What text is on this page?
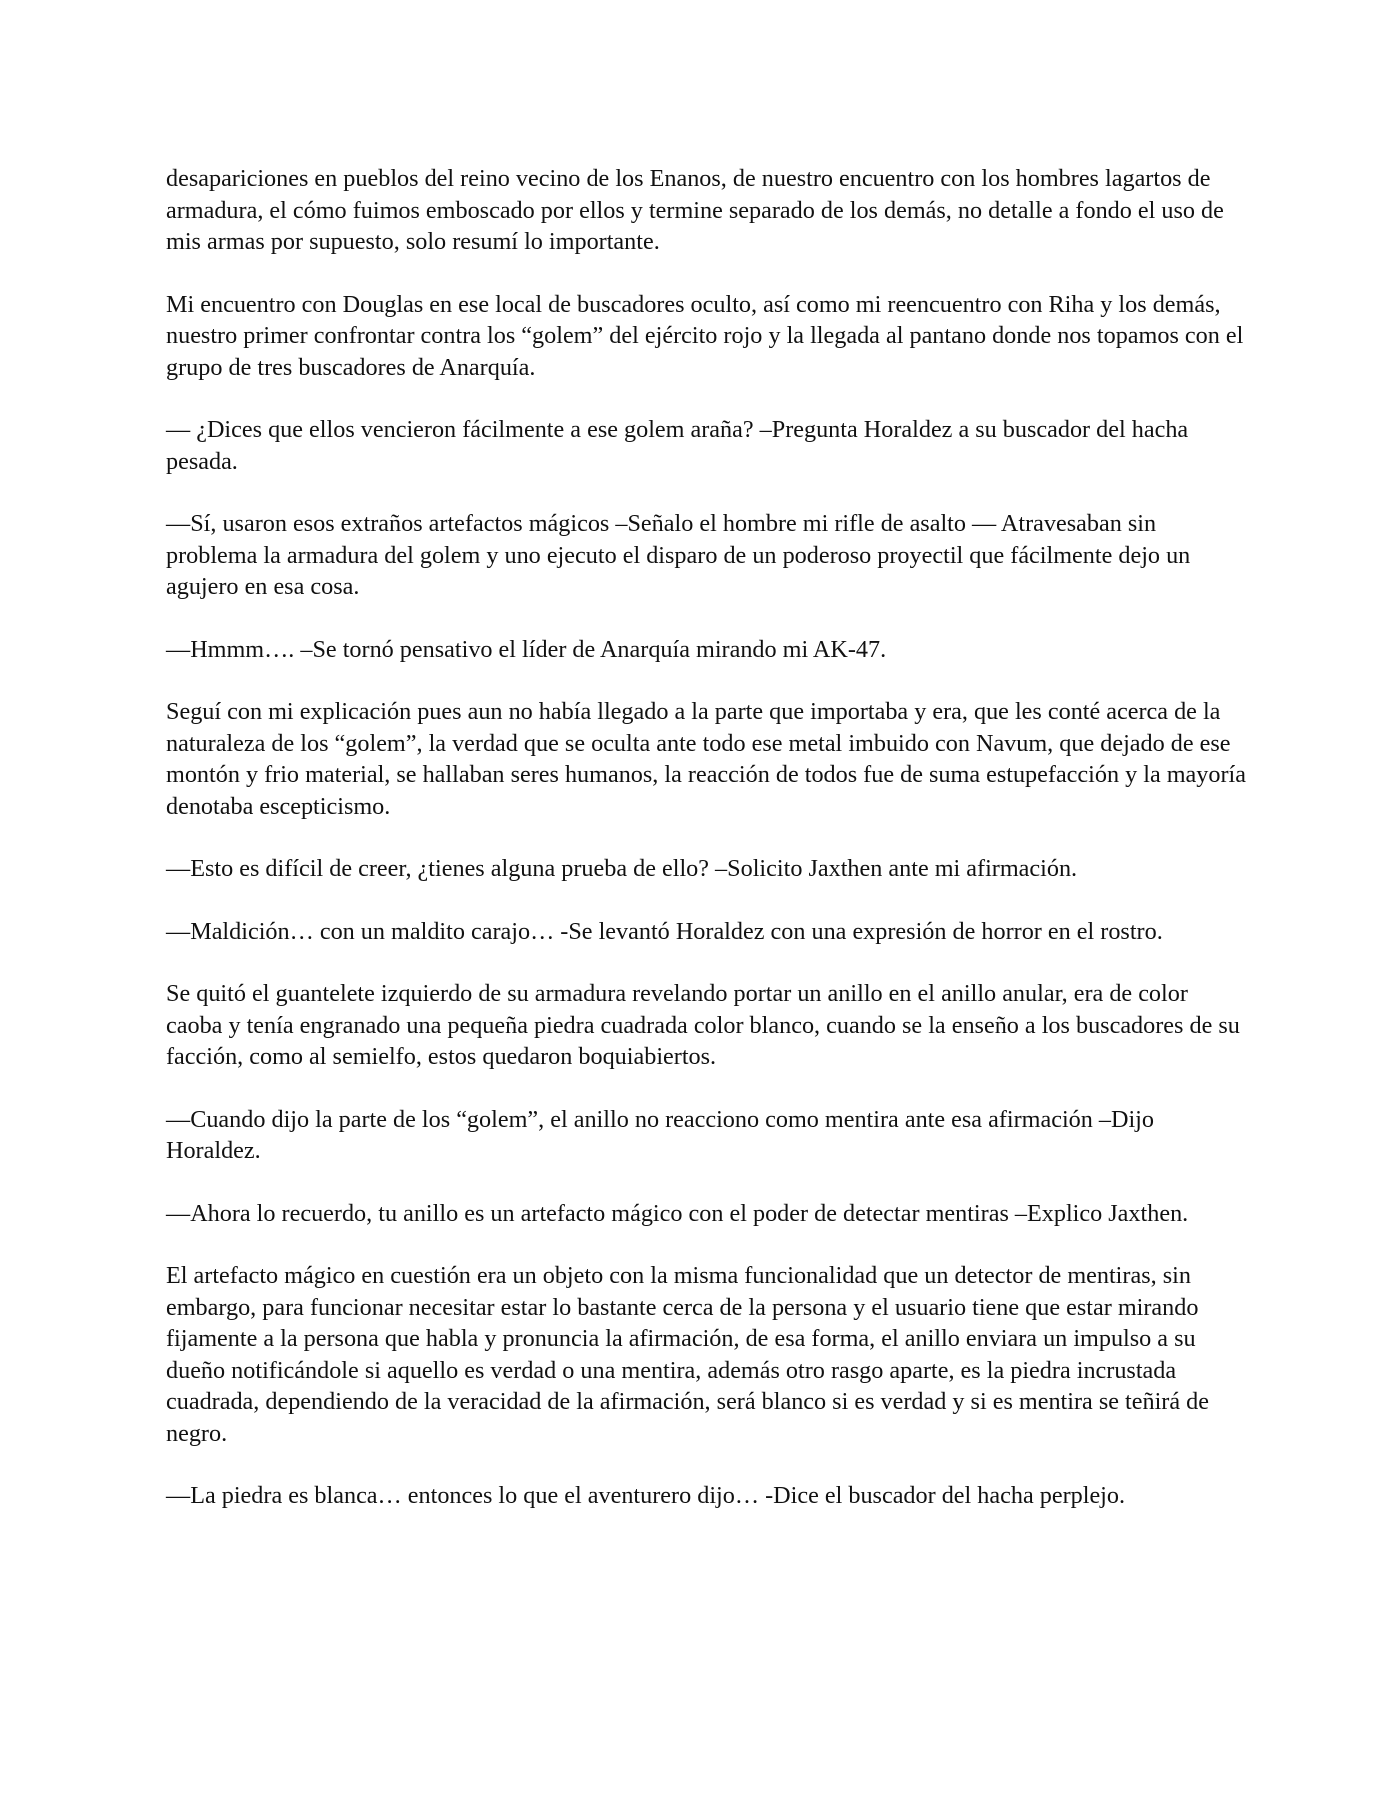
desapariciones en pueblos del reino vecino de los Enanos, de nuestro encuentro con los hombres lagartos de armadura, el cómo fuimos emboscado por ellos y termine separado de los demás, no detalle a fondo el uso de mis armas por supuesto, solo resumí lo importante.

Mi encuentro con Douglas en ese local de buscadores oculto, así como mi reencuentro con Riha y los demás, nuestro primer confrontar contra los “golem” del ejército rojo y la llegada al pantano donde nos topamos con el grupo de tres buscadores de Anarquía.

— ¿Dices que ellos vencieron fácilmente a ese golem araña? –Pregunta Horaldez a su buscador del hacha pesada.

—Sí, usaron esos extraños artefactos mágicos –Señalo el hombre mi rifle de asalto — Atravesaban sin problema la armadura del golem y uno ejecuto el disparo de un poderoso proyectil que fácilmente dejo un agujero en esa cosa.

—Hmmm…. –Se tornó pensativo el líder de Anarquía mirando mi AK-47.

Seguí con mi explicación pues aun no había llegado a la parte que importaba y era, que les conté acerca de la naturaleza de los “golem”, la verdad que se oculta ante todo ese metal imbuido con Navum, que dejado de ese montón y frio material, se hallaban seres humanos, la reacción de todos fue de suma estupefacción y la mayoría denotaba escepticismo.

—Esto es difícil de creer, ¿tienes alguna prueba de ello? –Solicito Jaxthen ante mi afirmación.

—Maldición… con un maldito carajo… -Se levantó Horaldez con una expresión de horror en el rostro.

Se quitó el guantelete izquierdo de su armadura revelando portar un anillo en el anillo anular, era de color caoba y tenía engranado una pequeña piedra cuadrada color blanco, cuando se la enseño a los buscadores de su facción, como al semielfo, estos quedaron boquiabiertos.

—Cuando dijo la parte de los “golem”, el anillo no reacciono como mentira ante esa afirmación –Dijo Horaldez.

—Ahora lo recuerdo, tu anillo es un artefacto mágico con el poder de detectar mentiras –Explico Jaxthen.

El artefacto mágico en cuestión era un objeto con la misma funcionalidad que un detector de mentiras, sin embargo, para funcionar necesitar estar lo bastante cerca de la persona y el usuario tiene que estar mirando fijamente a la persona que habla y pronuncia la afirmación, de esa forma, el anillo enviara un impulso a su dueño notificándole si aquello es verdad o una mentira, además otro rasgo aparte, es la piedra incrustada cuadrada, dependiendo de la veracidad de la afirmación, será blanco si es verdad y si es mentira se teñirá de negro.

—La piedra es blanca… entonces lo que el aventurero dijo… -Dice el buscador del hacha perplejo.
